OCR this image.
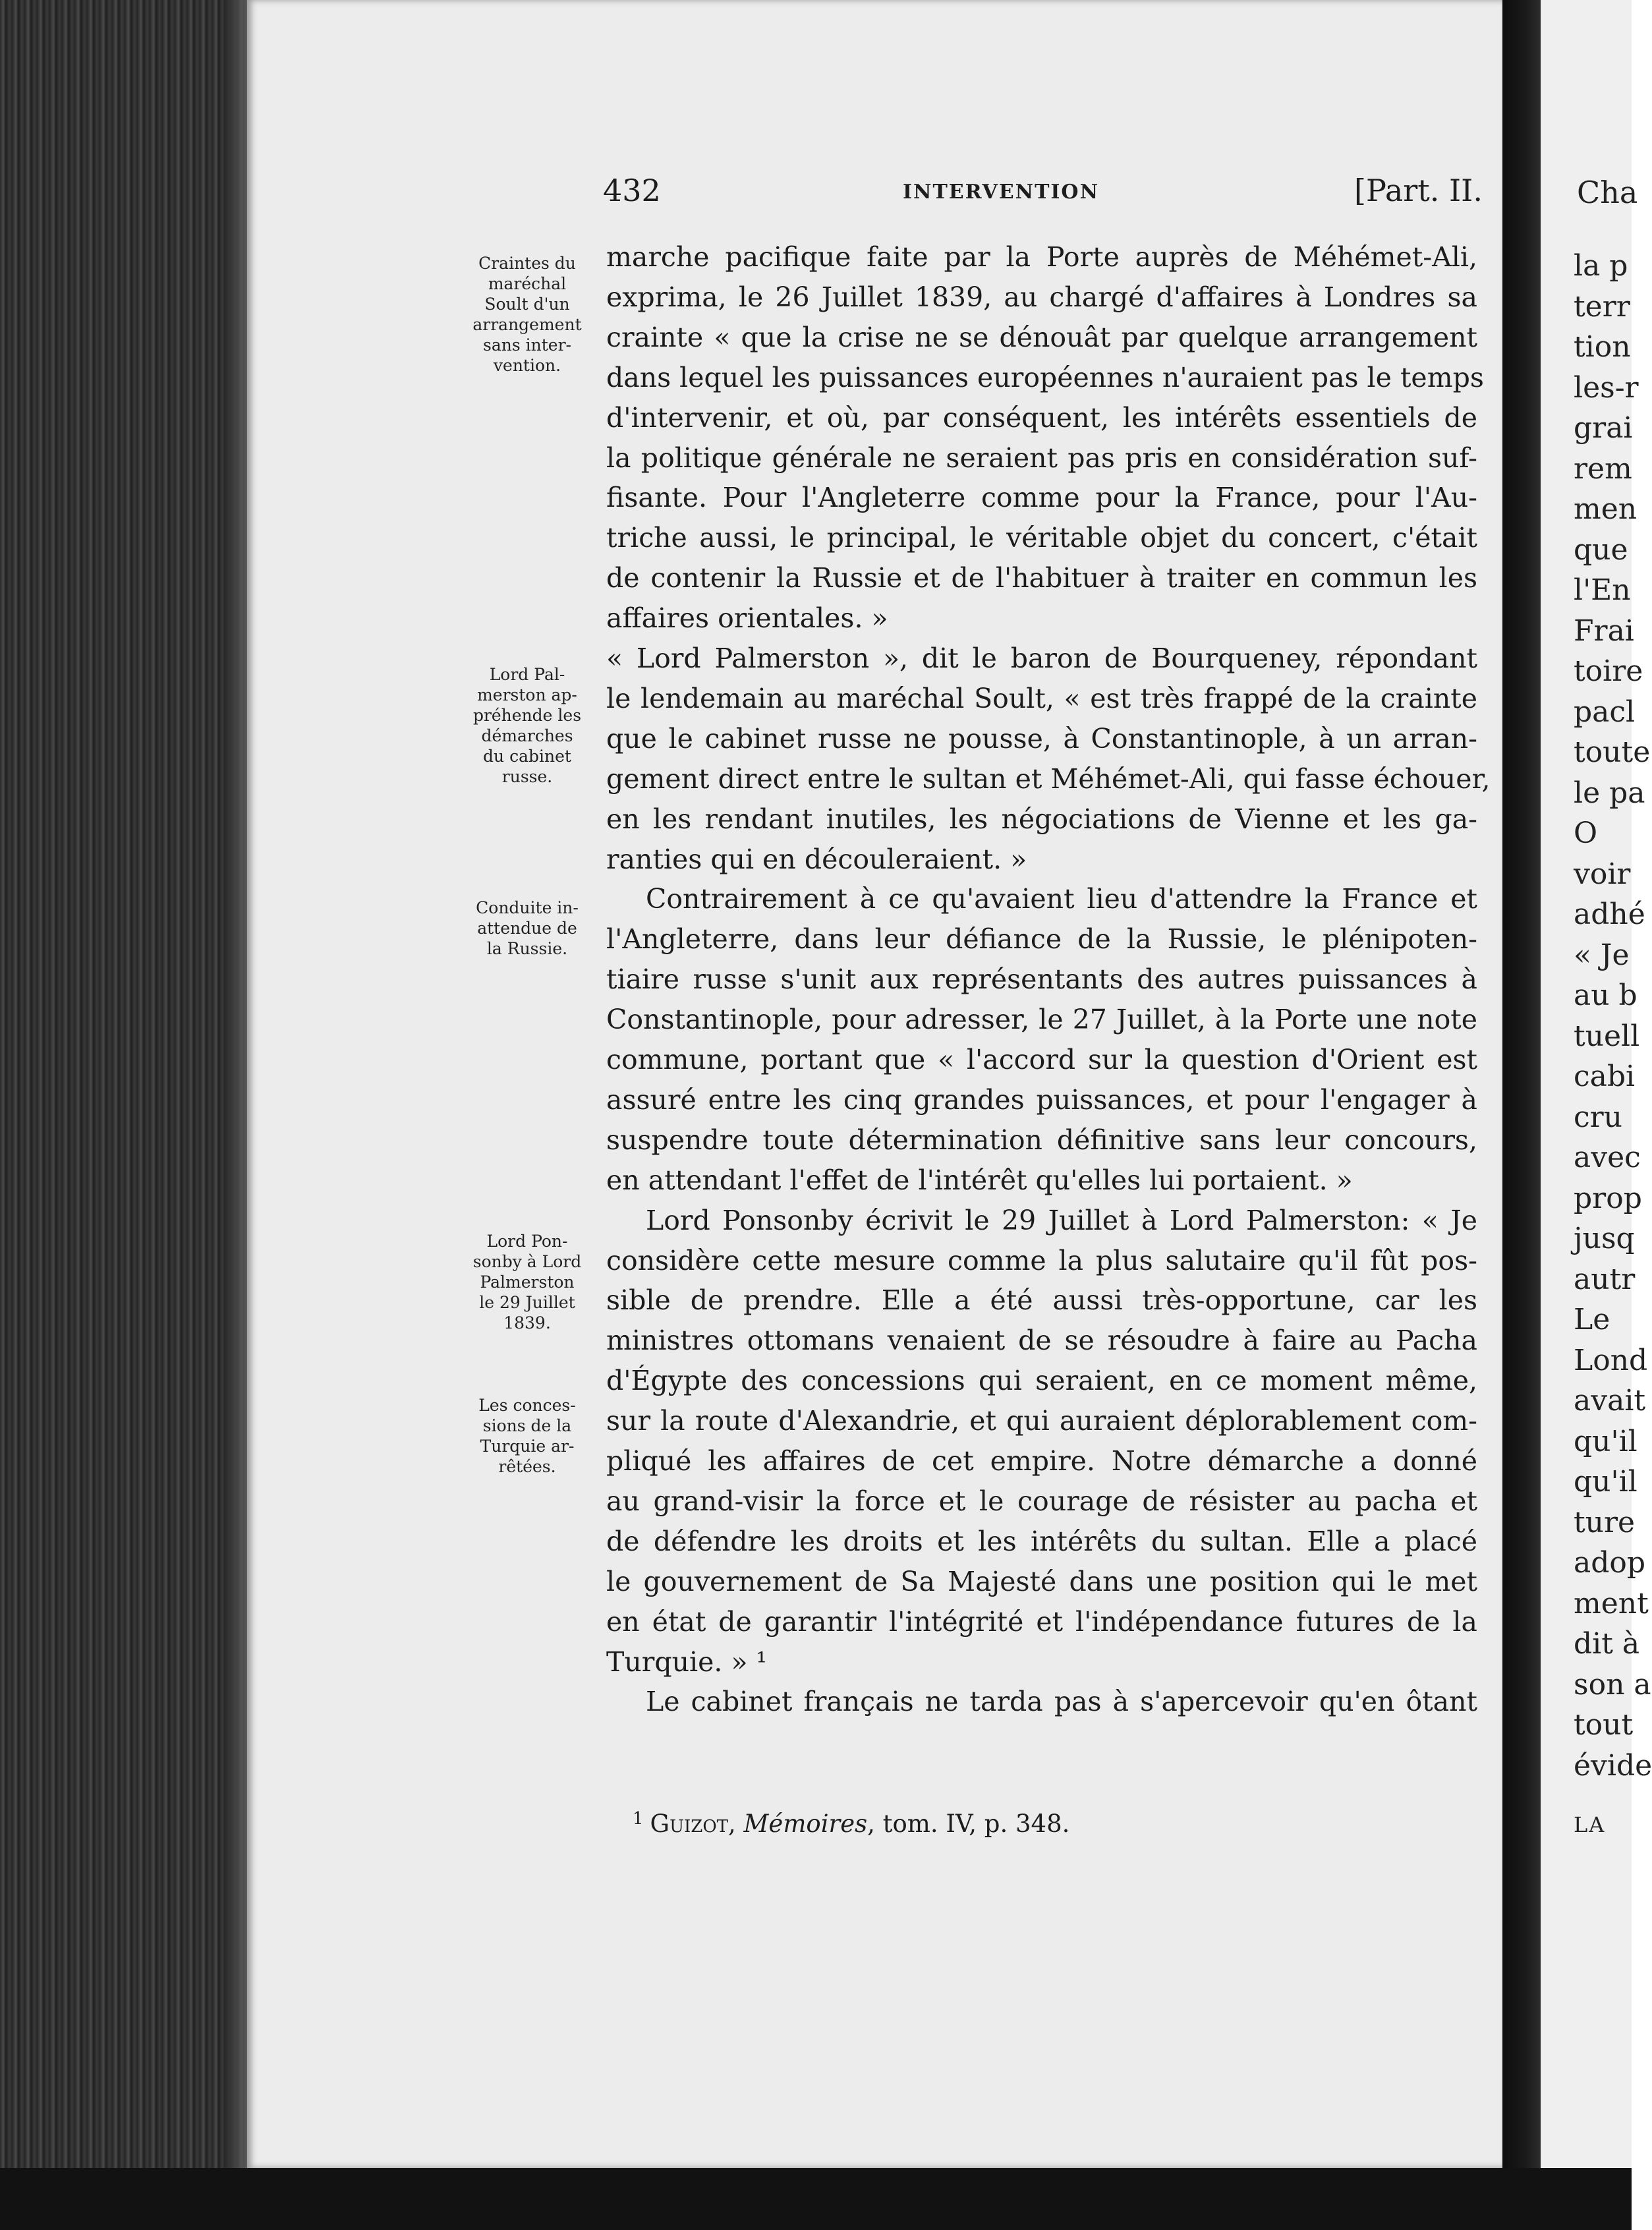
Cha
la p
terr
tion
les-r
grai
rem
men
que
l'En
Frai
toire
pacl
toute
le pa
O
voir
adhé
« Je
au b
tuell
cabi
cru
avec
prop
jusq
autr
Le
Lond
avait
qu'il
qu'il
ture
adop
ment
dit à
son a
tout
évide
LA
432	INTERVENTION	[Part. II.
Craintes du
maréchal
Soult d'un
arrangement
sans inter-
vention.
Lord Pal-
merston ap-
préhende les
démarches
du cabinet
russe.
Conduite in-
attendue de
la Russie.
Lord Pon-
sonby à Lord
Palmerston
le 29 Juillet
1839.
Les conces-
sions de la
Turquie ar-
rêtées.
marche pacifique faite par la Porte auprès de Méhémet-Ali,
exprima, le 26 Juillet 1839, au chargé d'affaires à Londres sa
crainte « que la crise ne se dénouât par quelque arrangement
dans lequel les puissances européennes n'auraient pas le temps
d'intervenir, et où, par conséquent, les intérêts essentiels de
la politique générale ne seraient pas pris en considération suf-
fisante. Pour l'Angleterre comme pour la France, pour l'Au-
triche aussi, le principal, le véritable objet du concert, c'était
de contenir la Russie et de l'habituer à traiter en commun les
affaires orientales. »
« Lord Palmerston », dit le baron de Bourqueney, répondant
le lendemain au maréchal Soult, « est très frappé de la crainte
que le cabinet russe ne pousse, à Constantinople, à un arran-
gement direct entre le sultan et Méhémet-Ali, qui fasse échouer,
en les rendant inutiles, les négociations de Vienne et les ga-
ranties qui en découleraient. »
Contrairement à ce qu'avaient lieu d'attendre la France et
l'Angleterre, dans leur défiance de la Russie, le plénipoten-
tiaire russe s'unit aux représentants des autres puissances à
Constantinople, pour adresser, le 27 Juillet, à la Porte une note
commune, portant que « l'accord sur la question d'Orient est
assuré entre les cinq grandes puissances, et pour l'engager à
suspendre toute détermination définitive sans leur concours,
en attendant l'effet de l'intérêt qu'elles lui portaient. »
Lord Ponsonby écrivit le 29 Juillet à Lord Palmerston: « Je
considère cette mesure comme la plus salutaire qu'il fût pos-
sible de prendre. Elle a été aussi très-opportune, car les
ministres ottomans venaient de se résoudre à faire au Pacha
d'Égypte des concessions qui seraient, en ce moment même,
sur la route d'Alexandrie, et qui auraient déplorablement com-
pliqué les affaires de cet empire. Notre démarche a donné
au grand-visir la force et le courage de résister au pacha et
de défendre les droits et les intérêts du sultan. Elle a placé
le gouvernement de Sa Majesté dans une position qui le met
en état de garantir l'intégrité et l'indépendance futures de la
Turquie. » ¹
Le cabinet français ne tarda pas à s'apercevoir qu'en ôtant
$^1$ Guizot, Mémoires, tom. IV, p. 348.
